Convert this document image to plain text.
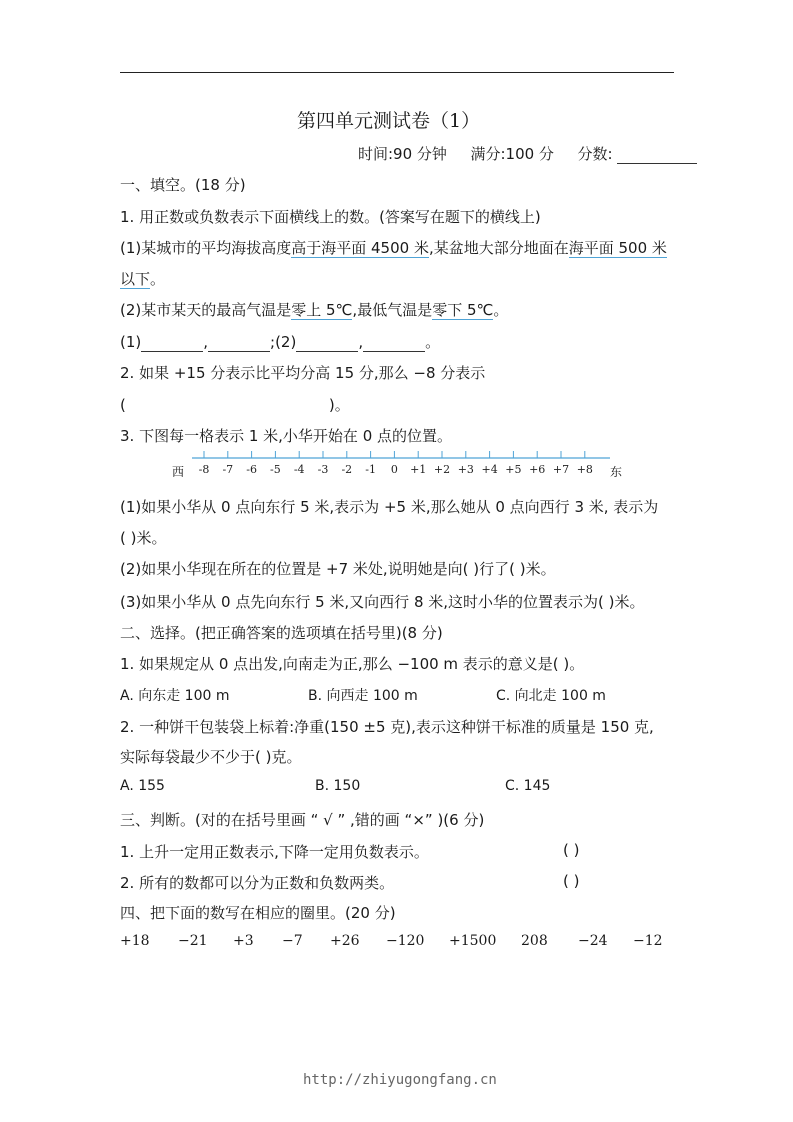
第四单元测试卷（1）
时间:90 分钟 满分:100 分 分数:
一、填空。(18 分)
1. 用正数或负数表示下面横线上的数。(答案写在题下的横线上)
(1)某城市的平均海拔高度高于海平面 4500 米,某盆地大部分地面在海平面 500 米
以下。
(2)某市某天的最高气温是零上 5℃,最低气温是零下 5℃。
(1)	,	;(2)	,	。
2. 如果 +15 分表示比平均分高 15 分,那么 −8 分表示
(	)。
3. 下图每一格表示 1 米,小华开始在 0 点的位置。
-8 -7 -6 -5 -4 -3 -2 -1 0 +1 +2 +3 +4 +5 +6 +7 +8
西	东
(1)如果小华从 0 点向东行 5 米,表示为 +5 米,那么她从 0 点向西行 3 米, 表示为
( )米。
(2)如果小华现在所在的位置是 +7 米处,说明她是向( )行了( )米。
(3)如果小华从 0 点先向东行 5 米,又向西行 8 米,这时小华的位置表示为( )米。
二、选择。(把正确答案的选项填在括号里)(8 分)
1. 如果规定从 0 点出发,向南走为正,那么 −100 m 表示的意义是( )。
A. 向东走 100 m	B. 向西走 100 m	C. 向北走 100 m
2. 一种饼干包装袋上标着:净重(150 ±5 克),表示这种饼干标准的质量是 150 克,
实际每袋最少不少于( )克。
A. 155	B. 150	C. 145
三、判断。(对的在括号里画 “ √ ” ,错的画 “×” )(6 分)
1. 上升一定用正数表示,下降一定用负数表示。	( )
2. 所有的数都可以分为正数和负数两类。	( )
四、把下面的数写在相应的圈里。(20 分)
+18 −21 +3 −7 +26 −120 +1500 208 −24 −12
http://zhiyugongfang.cn
